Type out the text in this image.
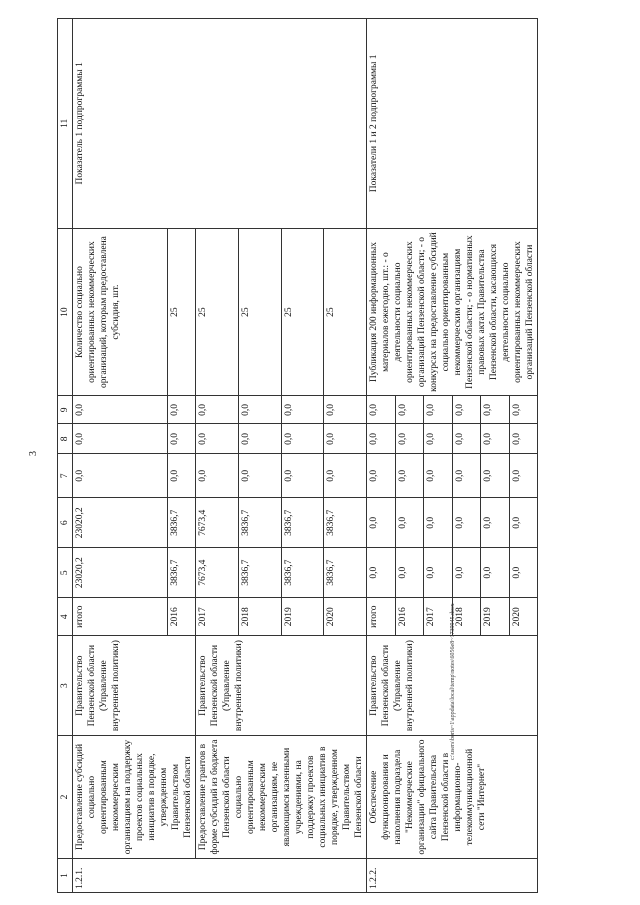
3
c:\users\boris~1\appdata\local\temp\notes\6056e8~1739945.docx
1	2	3	4	5	6	7	8	9	10	11
1.2.1.	Предоставление субсидий социально ориентированным некоммерческим организациям на поддержку проектов социальных инициатив в порядке, утвержденном Правительством Пензенской области	Правительство Пензенской области (Управление внутренней политики)	итого	23020,2	23020,2	0,0	0,0	0,0	Количество социально ориентированных некоммерческих организаций, которым предоставлена субсидия, шт.	Показатель 1 подпрограммы 1
			2016	3836,7	3836,7	0,0	0,0	0,0	25	
	Предоставление грантов в форме субсидий из бюджета Пензенской области социально ориентированным некоммерческим организациям, не являющимся казенными учреждениями, на поддержку проектов социальных инициатив в порядке, утвержденном Правительством Пензенской области	Правительство Пензенской области (Управление внутренней политики)	2017	7673,4	7673,4	0,0	0,0	0,0	25	
			2018	3836,7	3836,7	0,0	0,0	0,0	25	
			2019	3836,7	3836,7	0,0	0,0	0,0	25	
			2020	3836,7	3836,7	0,0	0,0	0,0	25	
1.2.2.	Обеспечение функционирования и наполнения подраздела "Некоммерческие организации" официального сайта Правительства Пензенской области в информационно-телекоммуникационной сети "Интернет"	Правительство Пензенской области (Управление внутренней политики)	итого	0,0	0,0	0,0	0,0	0,0	Публикация 200 информационных материалов ежегодно, шт.: - о деятельности социально ориентированных некоммерческих организаций Пензенской области; - о конкурсах на предоставление субсидий социально ориентированным некоммерческим организациям Пензенской области; - о нормативных правовых актах Правительства Пензенской области, касающихся деятельности социально ориентированных некоммерческих организаций Пензенской области	Показатели 1 и 2 подпрограммы 1
			2016	0,0	0,0	0,0	0,0	0,0		
			2017	0,0	0,0	0,0	0,0	0,0		
			2018	0,0	0,0	0,0	0,0	0,0		
			2019	0,0	0,0	0,0	0,0	0,0		
			2020	0,0	0,0	0,0	0,0	0,0		
